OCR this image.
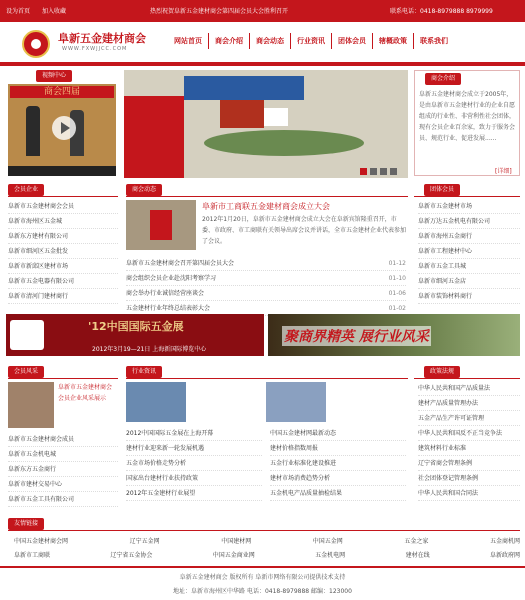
设为首页 加入收藏	热烈祝贺阜新五金建材商会第四届会员大会胜利召开	联系电话：0418-8979888 8979999
阜新五金建材商会
WWW.FXWJJCC.COM
网站首页	商会介绍	商会动态	行业资讯	团体会员	辖概政策	联系我们
视频中心
商会四届
商会介绍
阜新五金建材商会成立于2005年，是由阜新市五金建材行业的企业自愿组成的行业性、非营利性社会团体，现有会员企业百余家，致力于服务会员、规范行业、促进发展......
[详细]
会员企业
阜新市五金建材商会会员
阜新市海州区五金城
阜新东方建材有限公司
阜新市细河区五金批发
阜新市新邱区建材市场
阜新市五金电器有限公司
阜新市清河门建材商行
商会动态
阜新市工商联五金建材商会成立大会
2012年1月20日，阜新市五金建材商会成立大会在阜新宾馆隆重召开，市委、市政府、市工商联有关领导出席会议并讲话，全市五金建材企业代表参加了会议。
阜新市五金建材商会召开第四届会员大会	01-12
商会组织会员企业赴沈阳考察学习	01-10
商会举办行业诚信经营座谈会	01-06
五金建材行业年终总结表彰大会	01-02
团体会员
阜新市五金建材市场
阜新万达五金机电有限公司
阜新市海州五金商行
阜新市工程建材中心
阜新市五金工具城
阜新市细河五金店
阜新市装饰材料商行
'12中国国际五金展
2012年3月19—21日 上海新国际博览中心
聚商界精英 展行业风采
会员风采
阜新市五金建材商会会员企业风采展示
阜新市五金建材商会成员
阜新市五金机电城
阜新东方五金商行
阜新市建材交易中心
阜新市五金工具有限公司
行业资讯
2012中国国际五金展在上海开幕
建材行业迎来新一轮发展机遇
五金市场价格走势分析
国家出台建材行业扶持政策
2012年五金建材行业展望
中国五金建材网最新动态
建材价格指数周报
五金行业标准化建设推进
建材市场消费趋势分析
五金机电产品质量抽检结果
政策法规
中华人民共和国产品质量法
建材产品质量管理办法
五金产品生产许可证管理
中华人民共和国反不正当竞争法
建筑材料行业标准
辽宁省商会管理条例
社会团体登记管理条例
中华人民共和国合同法
友情链接
中国五金建材商会网	辽宁五金网	中国建材网	中国五金网	五金之家	五金商机网
阜新市工商联	辽宁省五金协会	中国五金商业网	五金机电网	建材在线	阜新政府网
阜新五金建材商会 版权所有 阜新市网络有限公司提供技术支持
地址：阜新市海州区中华路 电话：0418-8979888 邮编：123000
